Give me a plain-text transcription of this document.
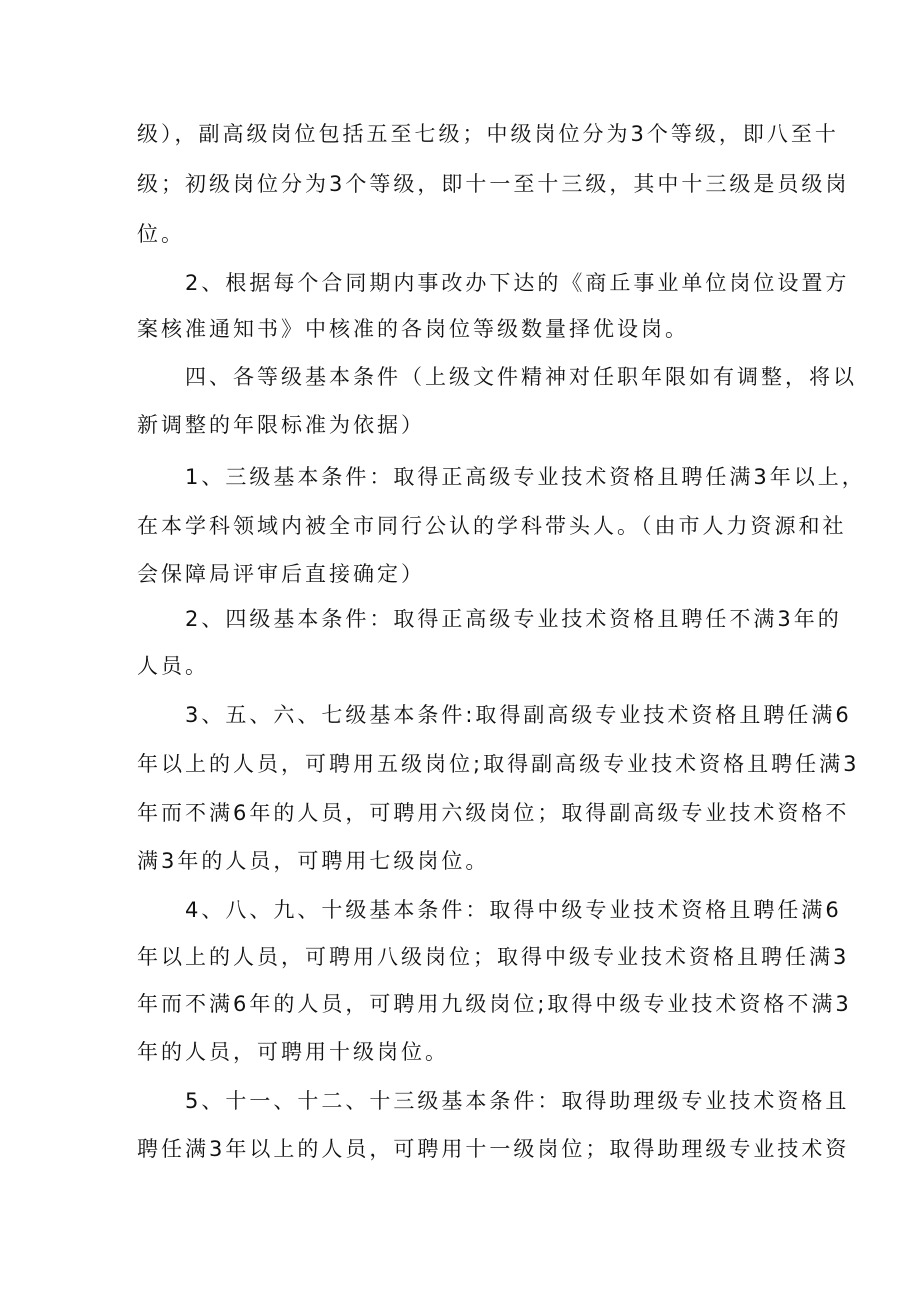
级），副高级岗位包括五至七级；中级岗位分为3个等级，即八至十
级；初级岗位分为3个等级，即十一至十三级，其中十三级是员级岗
位。
2、根据每个合同期内事改办下达的《商丘事业单位岗位设置方
案核准通知书》中核准的各岗位等级数量择优设岗。
四、各等级基本条件（上级文件精神对任职年限如有调整，将以
新调整的年限标准为依据）
1、三级基本条件：取得正高级专业技术资格且聘任满3年以上，
在本学科领域内被全市同行公认的学科带头人。（由市人力资源和社
会保障局评审后直接确定）
2、四级基本条件：取得正高级专业技术资格且聘任不满3年的
人员。
3、五、六、七级基本条件:取得副高级专业技术资格且聘任满6
年以上的人员，可聘用五级岗位;取得副高级专业技术资格且聘任满3
年而不满6年的人员，可聘用六级岗位；取得副高级专业技术资格不
满3年的人员，可聘用七级岗位。
4、八、九、十级基本条件：取得中级专业技术资格且聘任满6
年以上的人员，可聘用八级岗位；取得中级专业技术资格且聘任满3
年而不满6年的人员，可聘用九级岗位;取得中级专业技术资格不满3
年的人员，可聘用十级岗位。
5、十一、十二、十三级基本条件：取得助理级专业技术资格且
聘任满3年以上的人员，可聘用十一级岗位；取得助理级专业技术资
